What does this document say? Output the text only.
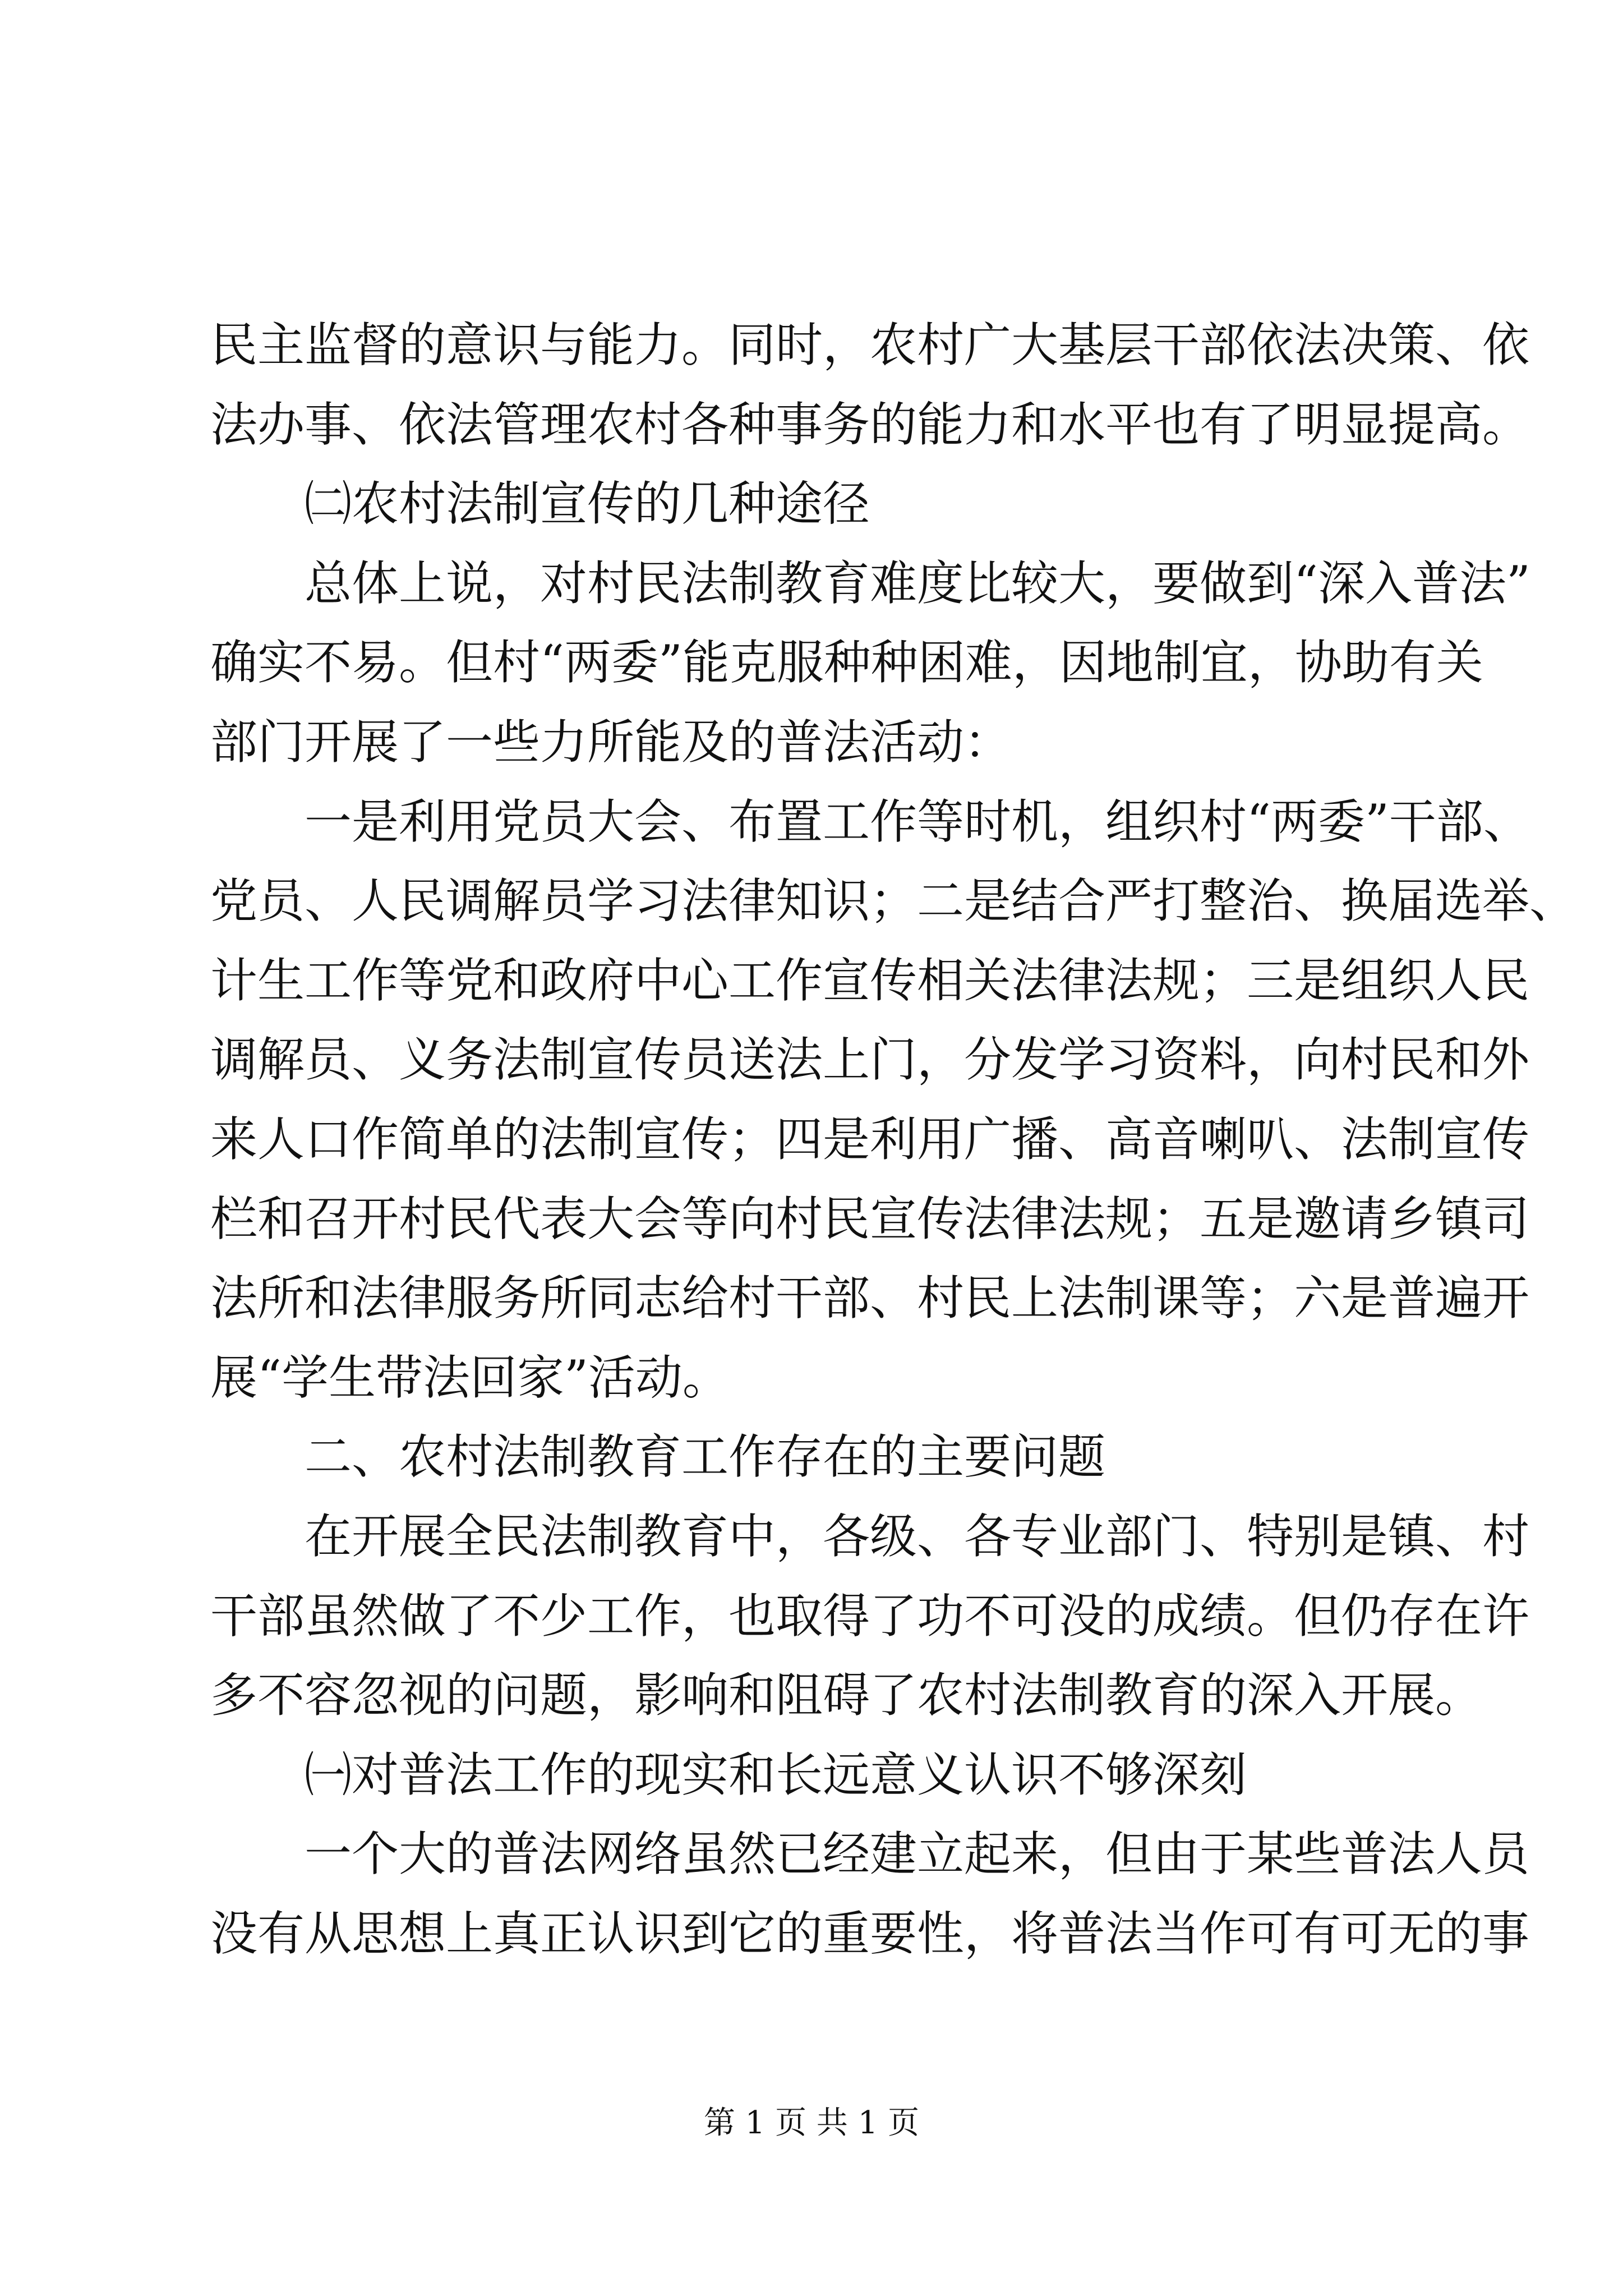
民主监督的意识与能力。同时，农村广大基层干部依法决策、依
法办事、依法管理农村各种事务的能力和水平也有了明显提高。
㈡农村法制宣传的几种途径
总体上说，对村民法制教育难度比较大，要做到“深入普法”
确实不易。但村“两委”能克服种种困难，因地制宜，协助有关
部门开展了一些力所能及的普法活动：
一是利用党员大会、布置工作等时机，组织村“两委”干部、
党员、人民调解员学习法律知识；二是结合严打整治、换届选举、
计生工作等党和政府中心工作宣传相关法律法规；三是组织人民
调解员、义务法制宣传员送法上门，分发学习资料，向村民和外
来人口作简单的法制宣传；四是利用广播、高音喇叭、法制宣传
栏和召开村民代表大会等向村民宣传法律法规；五是邀请乡镇司
法所和法律服务所同志给村干部、村民上法制课等；六是普遍开
展“学生带法回家”活动。
二、农村法制教育工作存在的主要问题
在开展全民法制教育中，各级、各专业部门、特别是镇、村
干部虽然做了不少工作，也取得了功不可没的成绩。但仍存在许
多不容忽视的问题，影响和阻碍了农村法制教育的深入开展。
㈠对普法工作的现实和长远意义认识不够深刻
一个大的普法网络虽然已经建立起来，但由于某些普法人员
没有从思想上真正认识到它的重要性，将普法当作可有可无的事
第 1 页 共 1 页
